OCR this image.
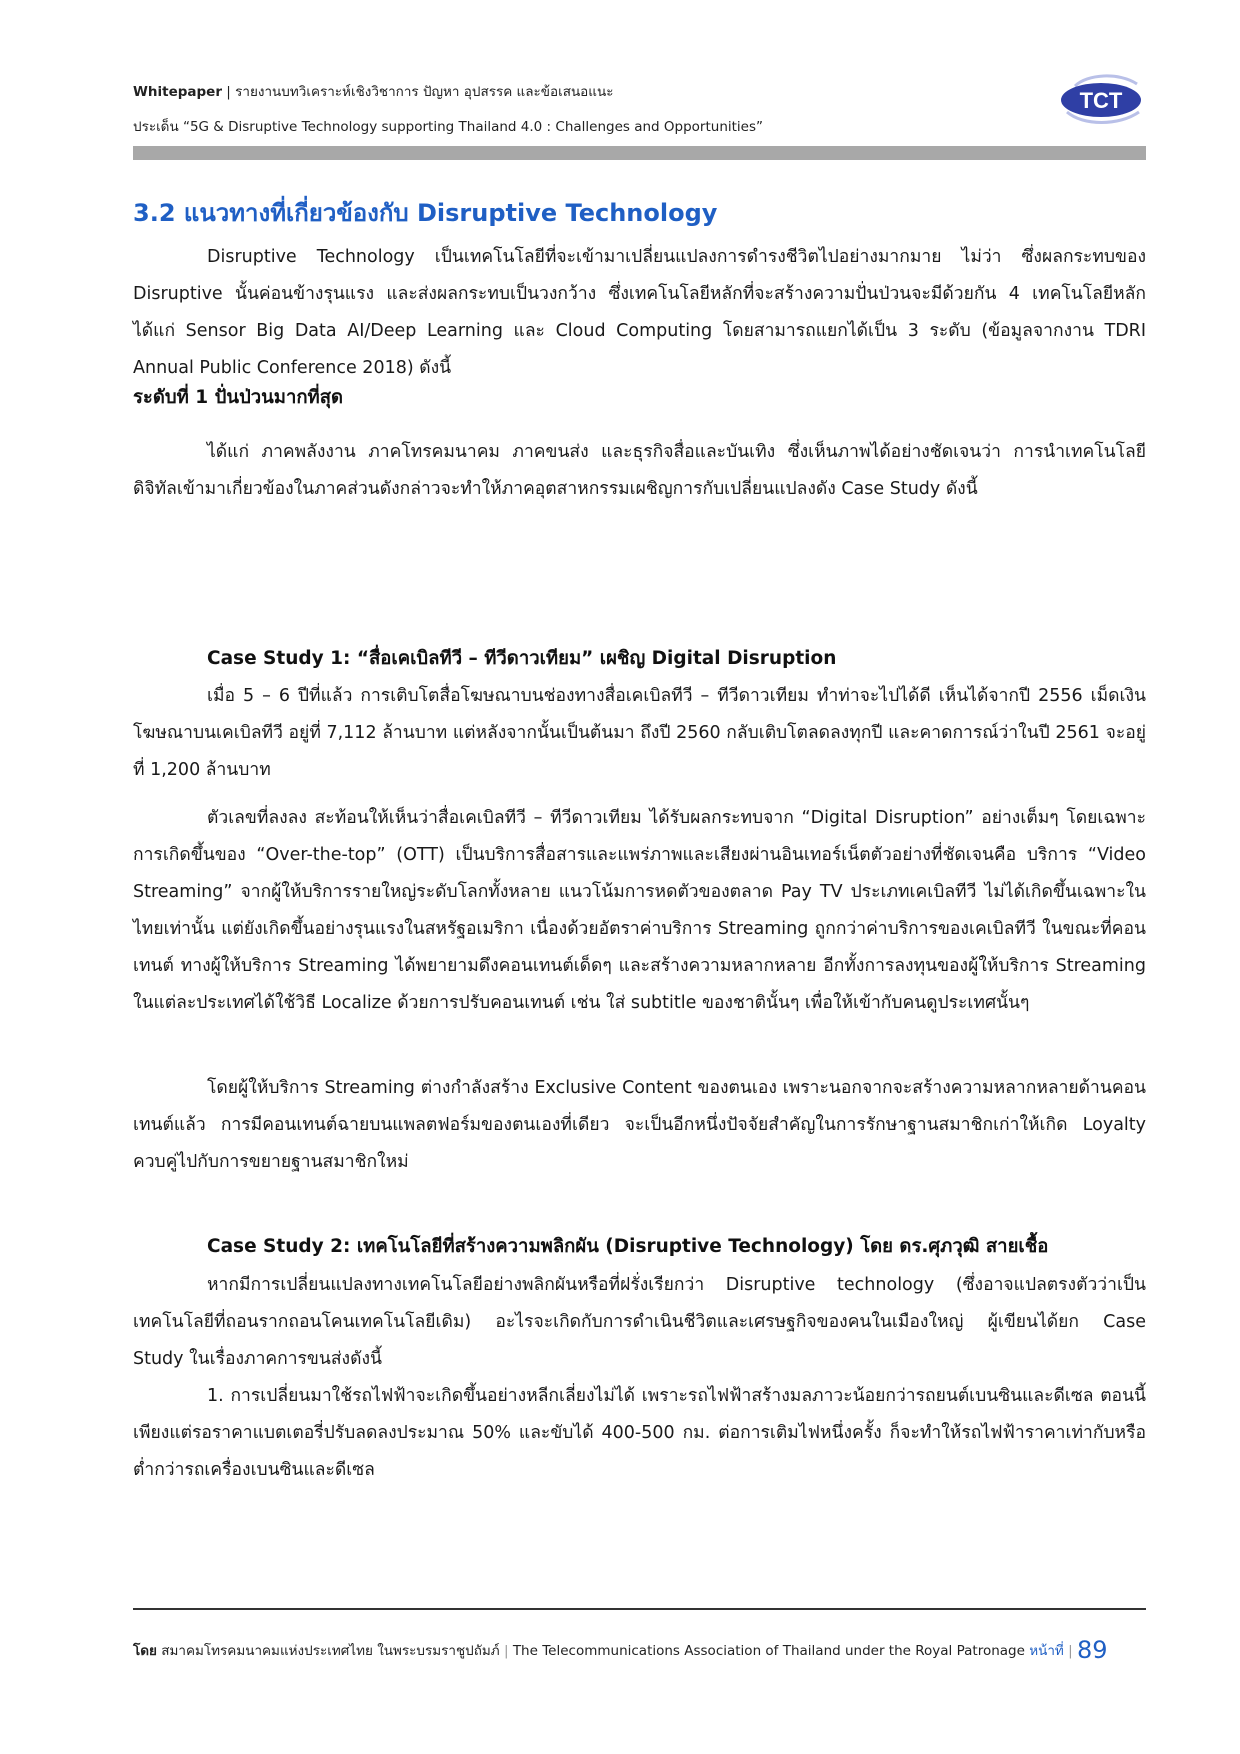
Whitepaper | รายงานบทวิเคราะห์เชิงวิชาการ ปัญหา อุปสรรค และข้อเสนอแนะ
ประเด็น “5G & Disruptive Technology supporting Thailand 4.0 : Challenges and Opportunities”
TCT
3.2 แนวทางที่เกี่ยวข้องกับ Disruptive Technology
Disruptive Technology เป็นเทคโนโลยีที่จะเข้ามาเปลี่ยนแปลงการดำรงชีวิตไปอย่างมากมาย ไม่ว่า ซึ่งผลกระทบของ Disruptive นั้นค่อนข้างรุนแรง และส่งผลกระทบเป็นวงกว้าง ซึ่งเทคโนโลยีหลักที่จะสร้างความปั่นป่วนจะมีด้วยกัน 4 เทคโนโลยีหลักได้แก่ Sensor Big Data AI/Deep Learning และ Cloud Computing โดยสามารถแยกได้เป็น 3 ระดับ (ข้อมูลจากงาน TDRI Annual Public Conference 2018) ดังนี้
ระดับที่ 1 ปั่นป่วนมากที่สุด
ได้แก่ ภาคพลังงาน ภาคโทรคมนาคม ภาคขนส่ง และธุรกิจสื่อและบันเทิง ซึ่งเห็นภาพได้อย่างชัดเจนว่า การนำเทคโนโลยีดิจิทัลเข้ามาเกี่ยวข้องในภาคส่วนดังกล่าวจะทำให้ภาคอุตสาหกรรมเผชิญการกับเปลี่ยนแปลงดัง Case Study ดังนี้
Case Study 1: “สื่อเคเบิลทีวี – ทีวีดาวเทียม” เผชิญ Digital Disruption
เมื่อ 5 – 6 ปีที่แล้ว การเติบโตสื่อโฆษณาบนช่องทางสื่อเคเบิลทีวี – ทีวีดาวเทียม ทำท่าจะไปได้ดี เห็นได้จากปี 2556 เม็ดเงินโฆษณาบนเคเบิลทีวี อยู่ที่ 7,112 ล้านบาท แต่หลังจากนั้นเป็นต้นมา ถึงปี 2560 กลับเติบโตลดลงทุกปี และคาดการณ์ว่าในปี 2561 จะอยู่ที่ 1,200 ล้านบาท
ตัวเลขที่ลงลง สะท้อนให้เห็นว่าสื่อเคเบิลทีวี – ทีวีดาวเทียม ได้รับผลกระทบจาก “Digital Disruption” อย่างเต็มๆ โดยเฉพาะการเกิดขึ้นของ “Over-the-top” (OTT) เป็นบริการสื่อสารและแพร่ภาพและเสียงผ่านอินเทอร์เน็ตตัวอย่างที่ชัดเจนคือ บริการ “Video Streaming” จากผู้ให้บริการรายใหญ่ระดับโลกทั้งหลาย แนวโน้มการหดตัวของตลาด Pay TV ประเภทเคเบิลทีวี ไม่ได้เกิดขึ้นเฉพาะในไทยเท่านั้น แต่ยังเกิดขึ้นอย่างรุนแรงในสหรัฐอเมริกา เนื่องด้วยอัตราค่าบริการ Streaming ถูกกว่าค่าบริการของเคเบิลทีวี ในขณะที่คอนเทนต์ ทางผู้ให้บริการ Streaming ได้พยายามดึงคอนเทนต์เด็ดๆ และสร้างความหลากหลาย อีกทั้งการลงทุนของผู้ให้บริการ Streaming ในแต่ละประเทศได้ใช้วิธี Localize ด้วยการปรับคอนเทนต์ เช่น ใส่ subtitle ของชาตินั้นๆ เพื่อให้เข้ากับคนดูประเทศนั้นๆ
โดยผู้ให้บริการ Streaming ต่างกำลังสร้าง Exclusive Content ของตนเอง เพราะนอกจากจะสร้างความหลากหลายด้านคอนเทนต์แล้ว การมีคอนเทนต์ฉายบนแพลตฟอร์มของตนเองที่เดียว จะเป็นอีกหนึ่งปัจจัยสำคัญในการรักษาฐานสมาชิกเก่าให้เกิด Loyalty ควบคู่ไปกับการขยายฐานสมาชิกใหม่
Case Study 2: เทคโนโลยีที่สร้างความพลิกผัน (Disruptive Technology) โดย ดร.ศุภวุฒิ สายเชื้อ
หากมีการเปลี่ยนแปลงทางเทคโนโลยีอย่างพลิกผันหรือที่ฝรั่งเรียกว่า Disruptive technology (ซึ่งอาจแปลตรงตัวว่าเป็นเทคโนโลยีที่ถอนรากถอนโคนเทคโนโลยีเดิม) อะไรจะเกิดกับการดำเนินชีวิตและเศรษฐกิจของคนในเมืองใหญ่ ผู้เขียนได้ยก Case Study ในเรื่องภาคการขนส่งดังนี้
1. การเปลี่ยนมาใช้รถไฟฟ้าจะเกิดขึ้นอย่างหลีกเลี่ยงไม่ได้ เพราะรถไฟฟ้าสร้างมลภาวะน้อยกว่ารถยนต์เบนซินและดีเซล ตอนนี้เพียงแต่รอราคาแบตเตอรี่ปรับลดลงประมาณ 50% และขับได้ 400-500 กม. ต่อการเติมไฟหนึ่งครั้ง ก็จะทำให้รถไฟฟ้าราคาเท่ากับหรือต่ำกว่ารถเครื่องเบนซินและดีเซล
โดย สมาคมโทรคมนาคมแห่งประเทศไทย ในพระบรมราชูปถัมภ์ | The Telecommunications Association of Thailand under the Royal Patronage หน้าที่ | 89
